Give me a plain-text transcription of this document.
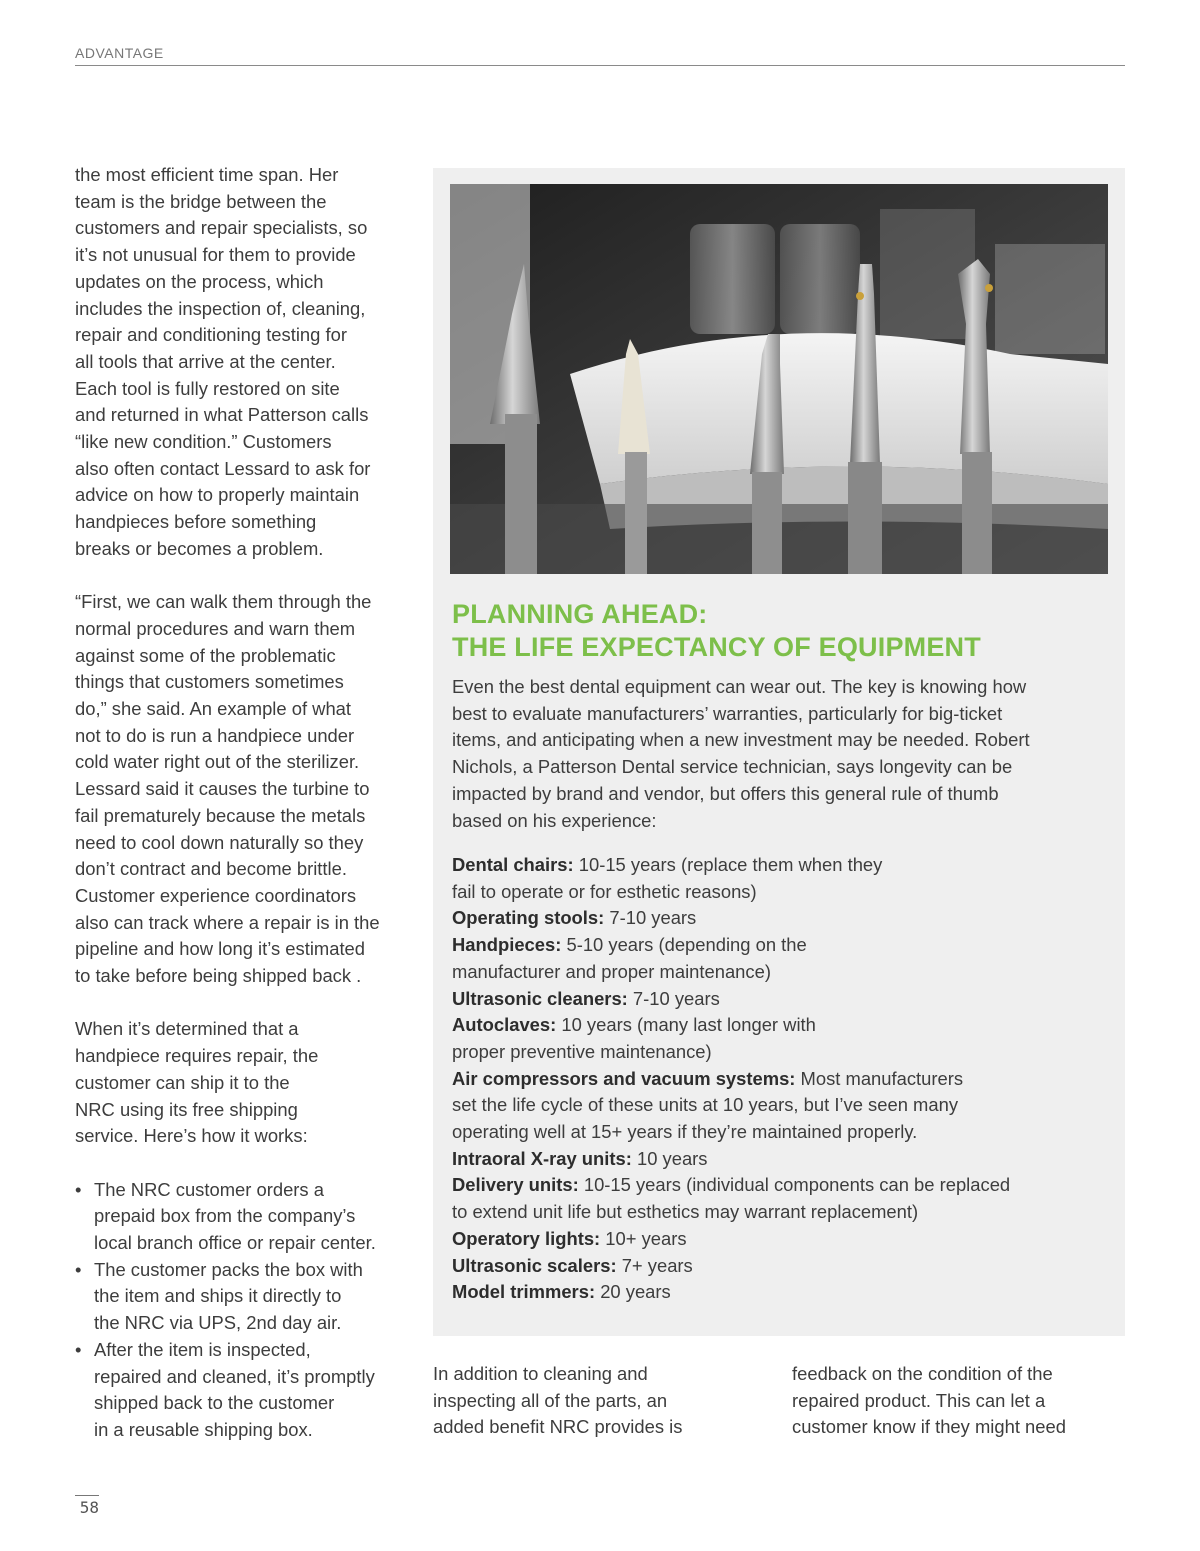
ADVANTAGE

the most efficient time span. Her
team is the bridge between the
customers and repair specialists, so
it’s not unusual for them to provide
updates on the process, which
includes the inspection of, cleaning,
repair and conditioning testing for
all tools that arrive at the center.
Each tool is fully restored on site
and returned in what Patterson calls
“like new condition.” Customers
also often contact Lessard to ask for
advice on how to properly maintain
handpieces before something
breaks or becomes a problem.

“First, we can walk them through the
normal procedures and warn them
against some of the problematic
things that customers sometimes
do,” she said. An example of what
not to do is run a handpiece under
cold water right out of the sterilizer.
Lessard said it causes the turbine to
fail prematurely because the metals
need to cool down naturally so they
don’t contract and become brittle.
Customer experience coordinators
also can track where a repair is in the
pipeline and how long it’s estimated
to take before being shipped back .

When it’s determined that a
handpiece requires repair, the
customer can ship it to the
NRC using its free shipping
service. Here’s how it works:

• The NRC customer orders a
prepaid box from the company’s
local branch office or repair center.
• The customer packs the box with
the item and ships it directly to
the NRC via UPS, 2nd day air.
• After the item is inspected,
repaired and cleaned, it’s promptly
shipped back to the customer
in a reusable shipping box.
PLANNING AHEAD:
THE LIFE EXPECTANCY OF EQUIPMENT
Even the best dental equipment can wear out. The key is knowing how
best to evaluate manufacturers’ warranties, particularly for big-ticket
items, and anticipating when a new investment may be needed. Robert
Nichols, a Patterson Dental service technician, says longevity can be
impacted by brand and vendor, but offers this general rule of thumb
based on his experience:
Dental chairs: 10-15 years (replace them when they
fail to operate or for esthetic reasons)
Operating stools: 7-10 years
Handpieces: 5-10 years (depending on the
manufacturer and proper maintenance)
Ultrasonic cleaners: 7-10 years
Autoclaves: 10 years (many last longer with
proper preventive maintenance)
Air compressors and vacuum systems: Most manufacturers
set the life cycle of these units at 10 years, but I’ve seen many
operating well at 15+ years if they’re maintained properly.
Intraoral X-ray units: 10 years
Delivery units: 10-15 years (individual components can be replaced
to extend unit life but esthetics may warrant replacement)
Operatory lights: 10+ years
Ultrasonic scalers: 7+ years
Model trimmers: 20 years
In addition to cleaning and
inspecting all of the parts, an
added benefit NRC provides is
feedback on the condition of the
repaired product. This can let a
customer know if they might need
58
